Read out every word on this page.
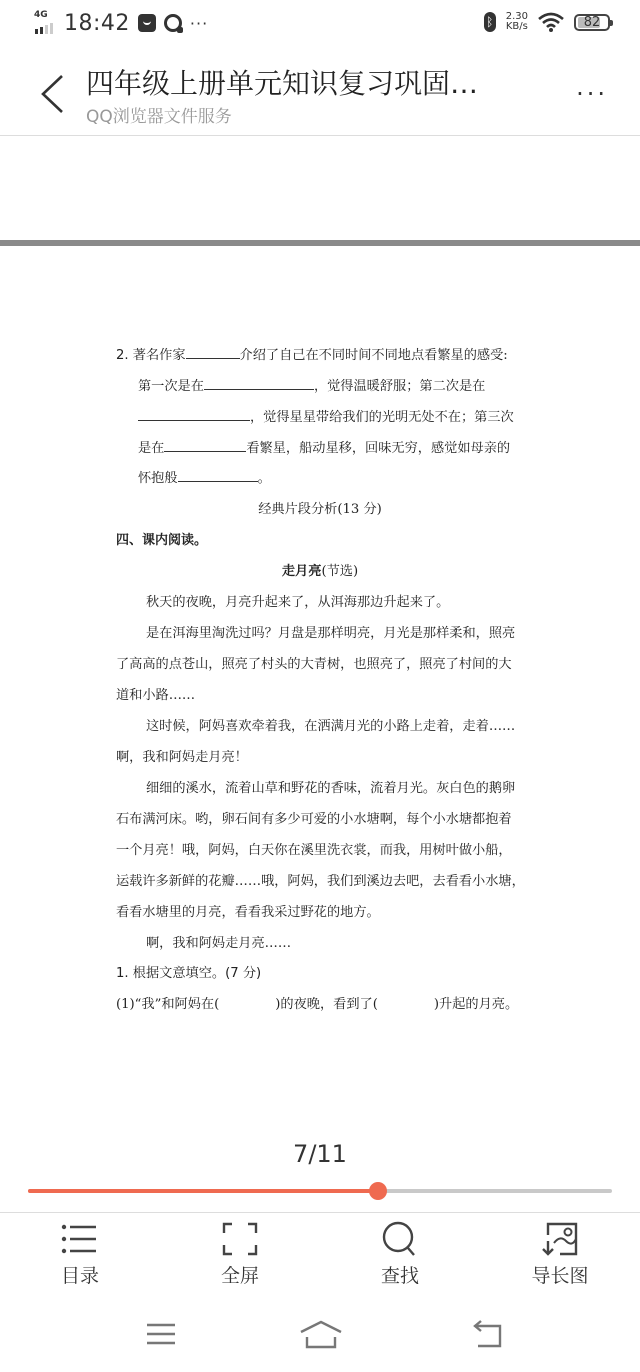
4G 18:42	···	ᛒ 2.30
KB/s	82
四年级上册单元知识复习巩固…
QQ浏览器文件服务
···
2. 著名作家	介绍了自己在不同时间不同地点看繁星的感受:
第一次是在	，觉得温暖舒服；第二次是在
，觉得星星带给我们的光明无处不在；第三次
是在	看繁星，船动星移，回味无穷，感觉如母亲的
怀抱般	。
经典片段分析(13 分)
四、课内阅读。
走月亮(节选)
秋天的夜晚，月亮升起来了，从洱海那边升起来了。
是在洱海里淘洗过吗？月盘是那样明亮，月光是那样柔和，照亮
了高高的点苍山，照亮了村头的大青树，也照亮了，照亮了村间的大
道和小路……
这时候，阿妈喜欢牵着我，在洒满月光的小路上走着，走着……
啊，我和阿妈走月亮！
细细的溪水，流着山草和野花的香味，流着月光。灰白色的鹅卵
石布满河床。哟，卵石间有多少可爱的小水塘啊，每个小水塘都抱着
一个月亮！哦，阿妈，白天你在溪里洗衣裳，而我，用树叶做小船，
运载许多新鲜的花瓣……哦，阿妈，我们到溪边去吧，去看看小水塘，
看看水塘里的月亮，看看我采过野花的地方。
啊，我和阿妈走月亮……
1. 根据文意填空。(7 分)
(1)“我”和阿妈在(	)的夜晚，看到了(	)升起的月亮。
7/11
目录	全屏	查找	导长图
